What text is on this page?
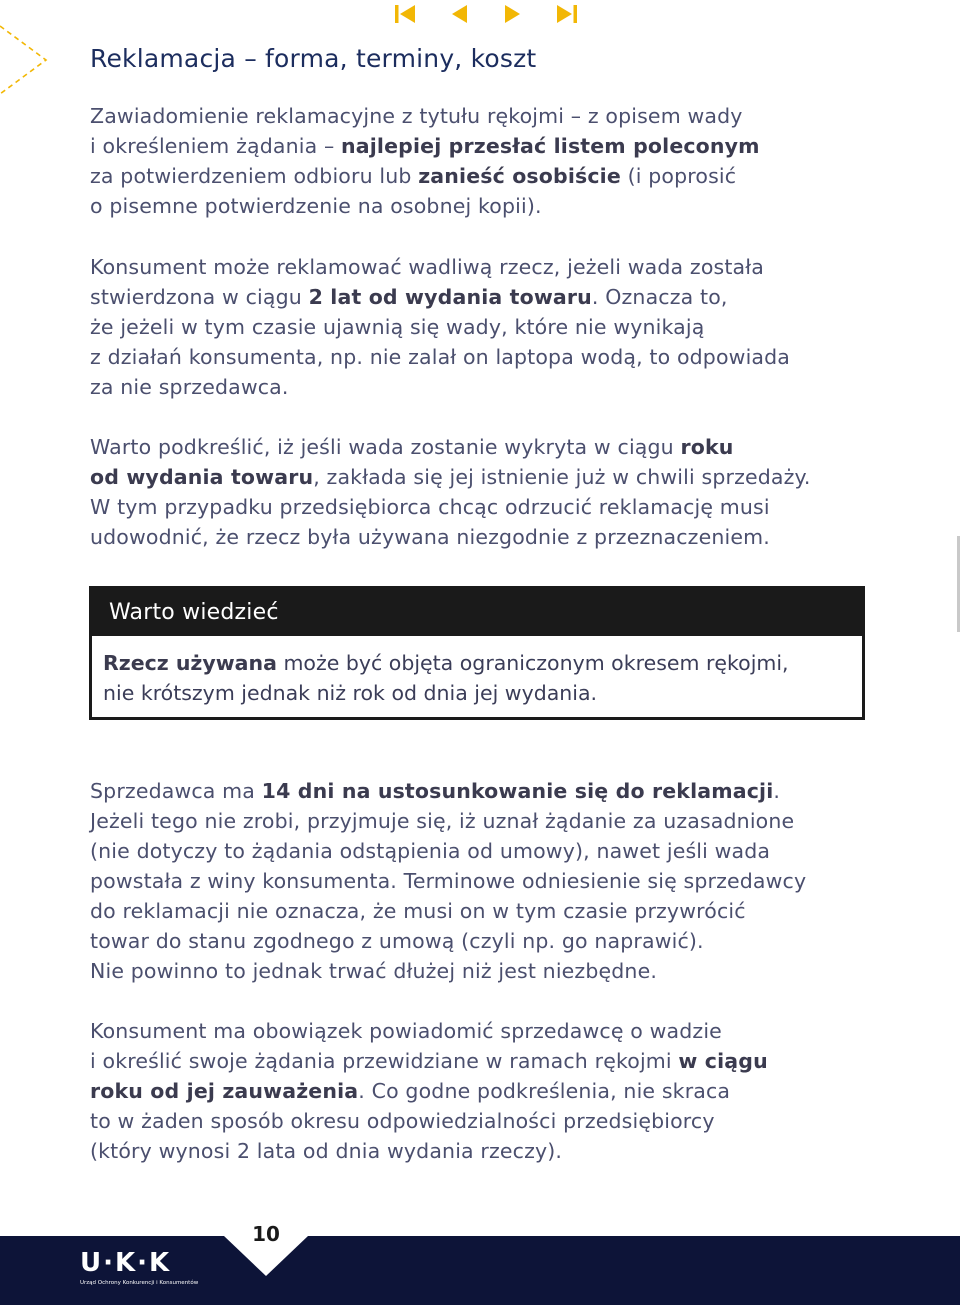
Reklamacja – forma, terminy, koszt

Zawiadomienie reklamacyjne z tytułu rękojmi – z opisem wady
i określeniem żądania – najlepiej przesłać listem poleconym
za potwierdzeniem odbioru lub zanieść osobiście (i poprosić
o pisemne potwierdzenie na osobnej kopii).

Konsument może reklamować wadliwą rzecz, jeżeli wada została
stwierdzona w ciągu 2 lat od wydania towaru. Oznacza to,
że jeżeli w tym czasie ujawnią się wady, które nie wynikają
z działań konsumenta, np. nie zalał on laptopa wodą, to odpowiada
za nie sprzedawca.

Warto podkreślić, iż jeśli wada zostanie wykryta w ciągu roku
od wydania towaru, zakłada się jej istnienie już w chwili sprzedaży.
W tym przypadku przedsiębiorca chcąc odrzucić reklamację musi
udowodnić, że rzecz była używana niezgodnie z przeznaczeniem.

Warto wiedzieć
Rzecz używana może być objęta ograniczonym okresem rękojmi,
nie krótszym jednak niż rok od dnia jej wydania.

Sprzedawca ma 14 dni na ustosunkowanie się do reklamacji.
Jeżeli tego nie zrobi, przyjmuje się, iż uznał żądanie za uzasadnione
(nie dotyczy to żądania odstąpienia od umowy), nawet jeśli wada
powstała z winy konsumenta. Terminowe odniesienie się sprzedawcy
do reklamacji nie oznacza, że musi on w tym czasie przywrócić
towar do stanu zgodnego z umową (czyli np. go naprawić).
Nie powinno to jednak trwać dłużej niż jest niezbędne.

Konsument ma obowiązek powiadomić sprzedawcę o wadzie
i określić swoje żądania przewidziane w ramach rękojmi w ciągu
roku od jej zauważenia. Co godne podkreślenia, nie skraca
to w żaden sposób okresu odpowiedzialności przedsiębiorcy
(który wynosi 2 lata od dnia wydania rzeczy).

10
U·K·K
Urząd Ochrony Konkurencji i Konsumentów
